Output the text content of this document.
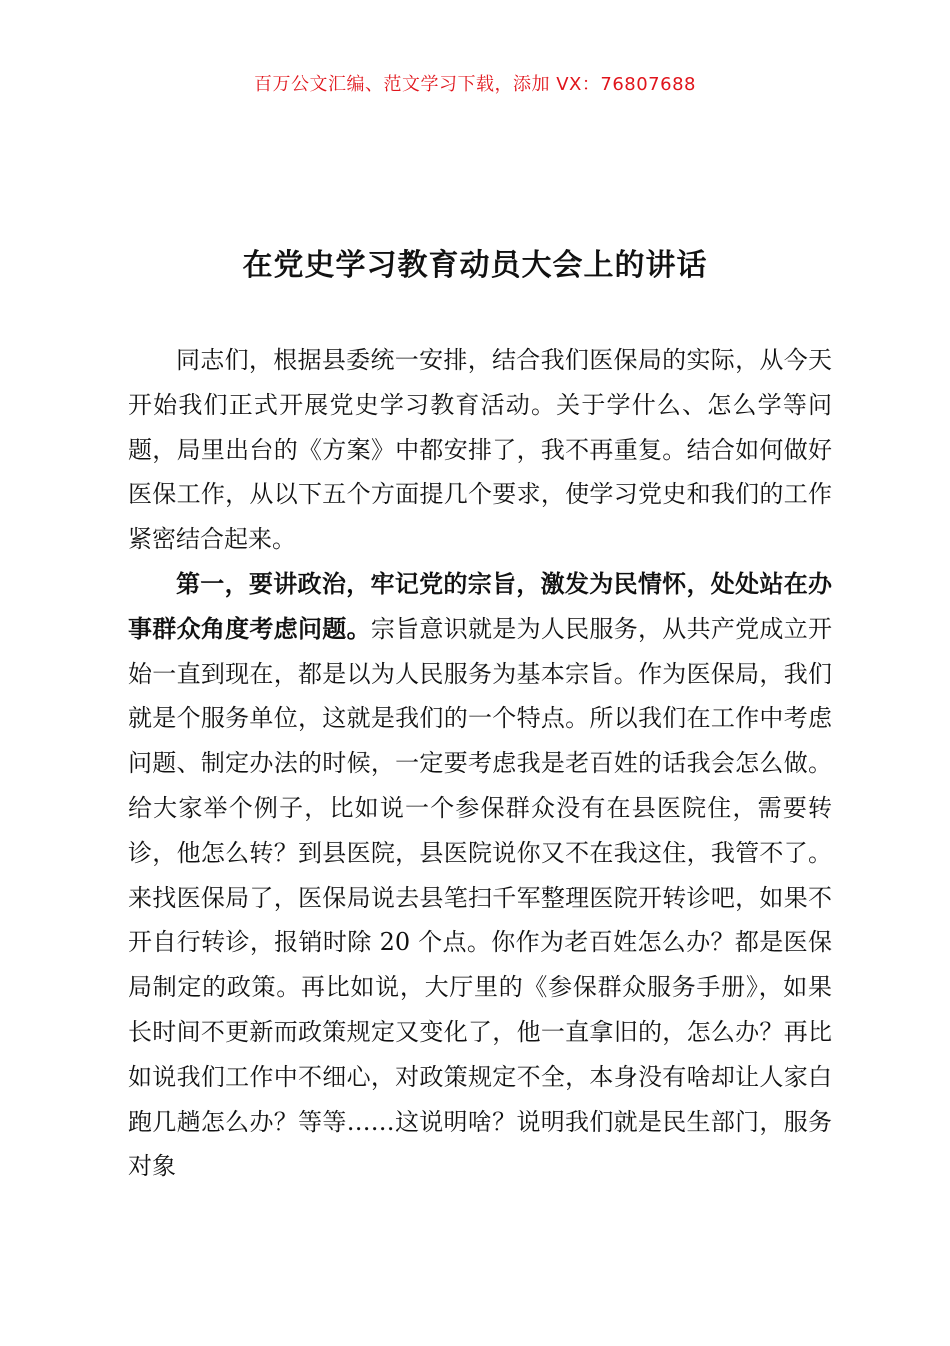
百万公文汇编、范文学习下载，添加 VX：76807688
在党史学习教育动员大会上的讲话

同志们，根据县委统一安排，结合我们医保局的实际，从今天开始我们正式开展党史学习教育活动。关于学什么、怎么学等问题，局里出台的《方案》中都安排了，我不再重复。结合如何做好医保工作，从以下五个方面提几个要求，使学习党史和我们的工作紧密结合起来。

第一，要讲政治，牢记党的宗旨，激发为民情怀，处处站在办事群众角度考虑问题。宗旨意识就是为人民服务，从共产党成立开始一直到现在，都是以为人民服务为基本宗旨。作为医保局，我们就是个服务单位，这就是我们的一个特点。所以我们在工作中考虑问题、制定办法的时候，一定要考虑我是老百姓的话我会怎么做。给大家举个例子，比如说一个参保群众没有在县医院住，需要转诊，他怎么转？到县医院，县医院说你又不在我这住，我管不了。来找医保局了，医保局说去县笔扫千军整理医院开转诊吧，如果不开自行转诊，报销时除 20 个点。你作为老百姓怎么办？都是医保局制定的政策。再比如说，大厅里的《参保群众服务手册》，如果长时间不更新而政策规定又变化了，他一直拿旧的，怎么办？再比如说我们工作中不细心，对政策规定不全，本身没有啥却让人家白跑几趟怎么办？等等……这说明啥？说明我们就是民生部门，服务对象
